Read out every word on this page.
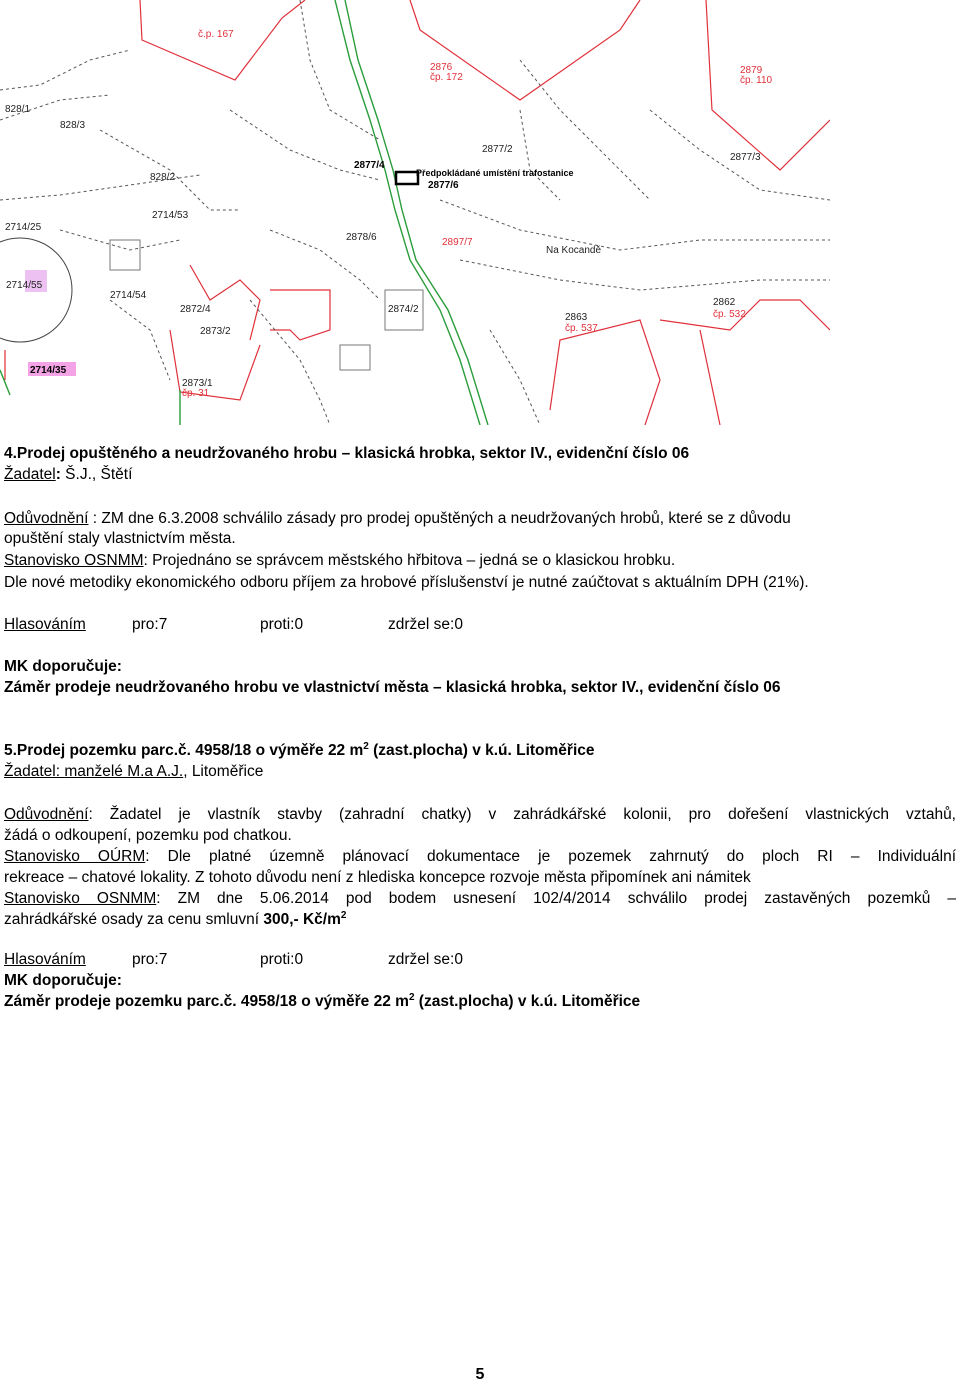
č.p. 167
2876
čp. 172
2879
čp. 110
828/1
828/3
828/2
2877/4
2877/6
2877/2
2877/3
2714/53
2714/25
2878/6	2897/7
Na Kocandě
2714/55
2714/54
2872/4
2873/2
2874/2
2863
čp. 537
2862
čp. 532
2873/1
čp. 31
2714/35
Předpokládané umístění trafostanice
4.Prodej opuštěného a neudržovaného hrobu – klasická hrobka, sektor IV., evidenční číslo 06
Žadatel: Š.J., Štětí
Odůvodnění : ZM dne 6.3.2008 schválilo zásady pro prodej opuštěných a neudržovaných hrobů, které se z důvodu
opuštění staly vlastnictvím města.
Stanovisko OSNMM: Projednáno se správcem městského hřbitova – jedná se o klasickou hrobku.
Dle nové metodiky ekonomického odboru příjem za hrobové příslušenství je nutné zaúčtovat s aktuálním DPH (21%).
Hlasováním	pro:7	proti:0	zdržel se:0
MK doporučuje:
Záměr prodeje neudržovaného hrobu ve vlastnictví města – klasická hrobka, sektor IV., evidenční číslo 06
5.Prodej pozemku parc.č. 4958/18 o výměře 22 $m^2$ (zast.plocha) v k.ú. Litoměřice
Žadatel: manželé M.a A.J., Litoměřice
Odůvodnění: Žadatel je vlastník stavby (zahradní chatky) v zahrádkářské kolonii, pro dořešení vlastnických vztahů,
žádá o odkoupení, pozemku pod chatkou.
Stanovisko OÚRM: Dle platné územně plánovací dokumentace je pozemek zahrnutý do ploch RI – Individuální
rekreace – chatové lokality. Z tohoto důvodu není z hlediska koncepce rozvoje města připomínek ani námitek
Stanovisko OSNMM: ZM dne 5.06.2014 pod bodem usnesení 102/4/2014 schválilo prodej zastavěných pozemků –
zahrádkářské osady za cenu smluvní 300,- $Kč/m^2$
Hlasováním	pro:7	proti:0	zdržel se:0
MK doporučuje:
Záměr prodeje pozemku parc.č. 4958/18 o výměře 22 $m^2$ (zast.plocha) v k.ú. Litoměřice
5
